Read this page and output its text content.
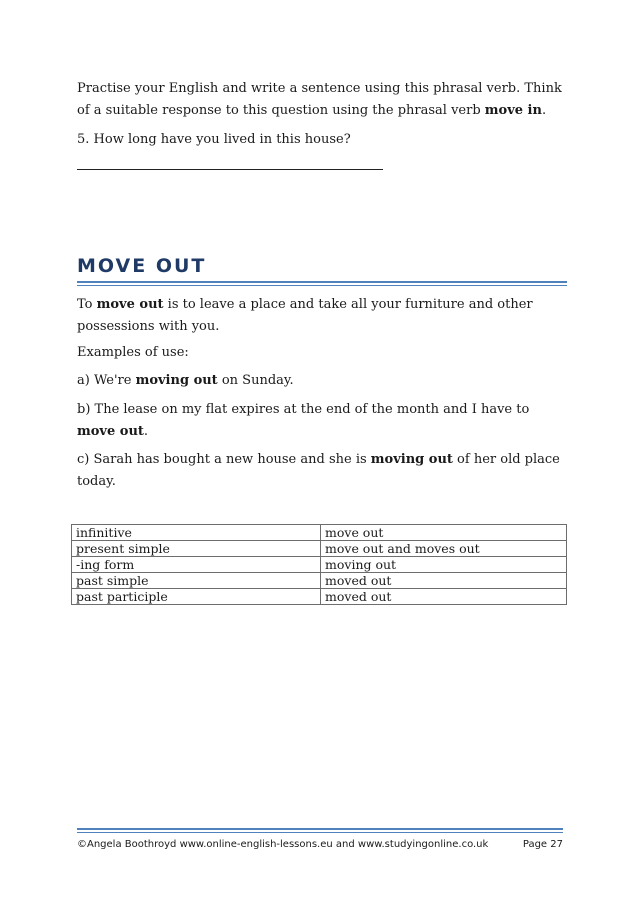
Practise your English and write a sentence using this phrasal verb. Think of a suitable response to this question using the phrasal verb move in.

5. How long have you lived in this house?

MOVE OUT

To move out is to leave a place and take all your furniture and other possessions with you.

Examples of use:

a) We're moving out on Sunday.

b) The lease on my flat expires at the end of the month and I have to move out.

c) Sarah has bought a new house and she is moving out of her old place today.

infinitive	move out
present simple	move out and moves out
-ing form	moving out
past simple	moved out
past participle	moved out
©Angela Boothroyd www.online-english-lessons.eu and www.studyingonline.co.uk	Page 27
